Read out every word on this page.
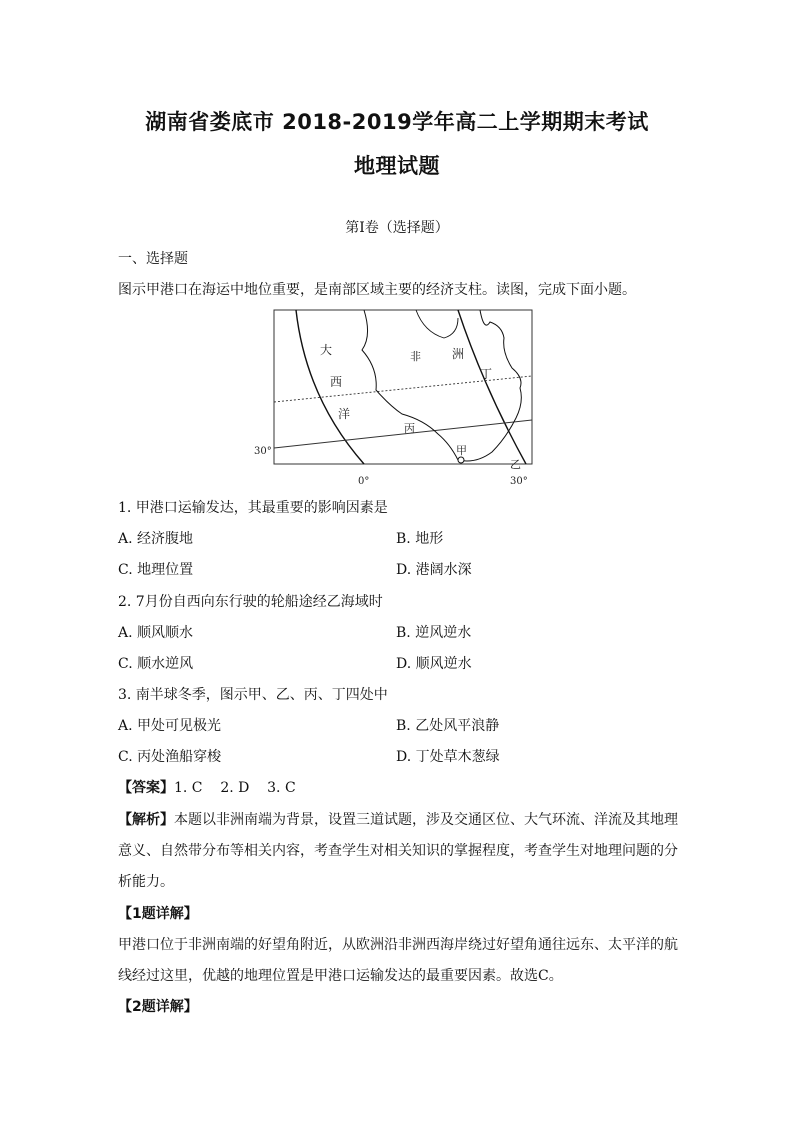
湖南省娄底市 2018-2019学年高二上学期期末考试
地理试题
第I卷（选择题）
一、选择题
图示甲港口在海运中地位重要，是南部区域主要的经济支柱。读图，完成下面小题。
大
西
洋
非	洲
丁
丙
甲
乙
30°
0°	30°
1. 甲港口运输发达，其最重要的影响因素是
A. 经济腹地	B. 地形
C. 地理位置	D. 港阔水深
2. 7月份自西向东行驶的轮船途经乙海域时
A. 顺风顺水	B. 逆风逆水
C. 顺水逆风	D. 顺风逆水
3. 南半球冬季，图示甲、乙、丙、丁四处中
A. 甲处可见极光	B. 乙处风平浪静
C. 丙处渔船穿梭	D. 丁处草木葱绿
【答案】1. C    2. D    3. C
【解析】本题以非洲南端为背景，设置三道试题，涉及交通区位、大气环流、洋流及其地理
意义、自然带分布等相关内容，考查学生对相关知识的掌握程度，考查学生对地理问题的分
析能力。
【1题详解】
甲港口位于非洲南端的好望角附近，从欧洲沿非洲西海岸绕过好望角通往远东、太平洋的航
线经过这里，优越的地理位置是甲港口运输发达的最重要因素。故选C。
【2题详解】
